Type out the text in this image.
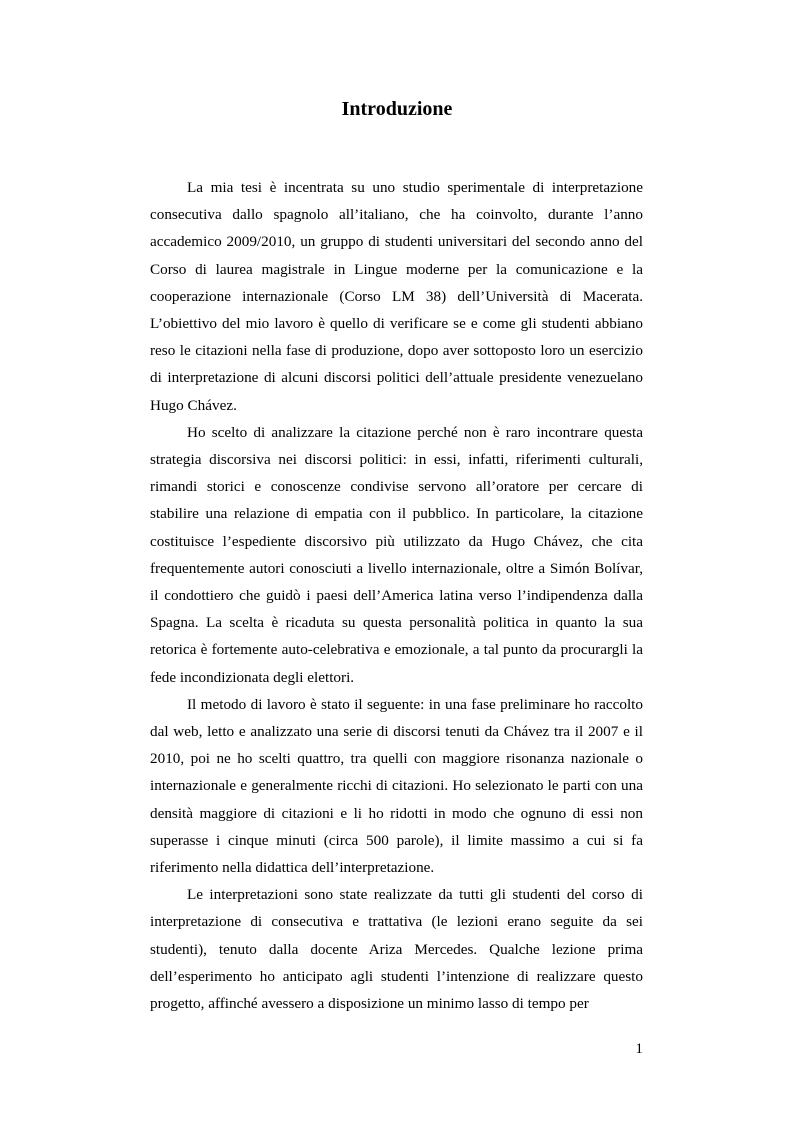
Introduzione

La mia tesi è incentrata su uno studio sperimentale di interpretazione consecutiva dallo spagnolo all’italiano, che ha coinvolto, durante l’anno accademico 2009/2010, un gruppo di studenti universitari del secondo anno del Corso di laurea magistrale in Lingue moderne per la comunicazione e la cooperazione internazionale (Corso LM 38) dell’Università di Macerata. L’obiettivo del mio lavoro è quello di verificare se e come gli studenti abbiano reso le citazioni nella fase di produzione, dopo aver sottoposto loro un esercizio di interpretazione di alcuni discorsi politici dell’attuale presidente venezuelano Hugo Chávez.

Ho scelto di analizzare la citazione perché non è raro incontrare questa strategia discorsiva nei discorsi politici: in essi, infatti, riferimenti culturali, rimandi storici e conoscenze condivise servono all’oratore per cercare di stabilire una relazione di empatia con il pubblico. In particolare, la citazione costituisce l’espediente discorsivo più utilizzato da Hugo Chávez, che cita frequentemente autori conosciuti a livello internazionale, oltre a Simón Bolívar, il condottiero che guidò i paesi dell’America latina verso l’indipendenza dalla Spagna. La scelta è ricaduta su questa personalità politica in quanto la sua retorica è fortemente auto-celebrativa e emozionale, a tal punto da procurargli la fede incondizionata degli elettori.

Il metodo di lavoro è stato il seguente: in una fase preliminare ho raccolto dal web, letto e analizzato una serie di discorsi tenuti da Chávez tra il 2007 e il 2010, poi ne ho scelti quattro, tra quelli con maggiore risonanza nazionale o internazionale e generalmente ricchi di citazioni. Ho selezionato le parti con una densità maggiore di citazioni e li ho ridotti in modo che ognuno di essi non superasse i cinque minuti (circa 500 parole), il limite massimo a cui si fa riferimento nella didattica dell’interpretazione.

Le interpretazioni sono state realizzate da tutti gli studenti del corso di interpretazione di consecutiva e trattativa (le lezioni erano seguite da sei studenti), tenuto dalla docente Ariza Mercedes. Qualche lezione prima dell’esperimento ho anticipato agli studenti l’intenzione di realizzare questo progetto, affinché avessero a disposizione un minimo lasso di tempo per

1
